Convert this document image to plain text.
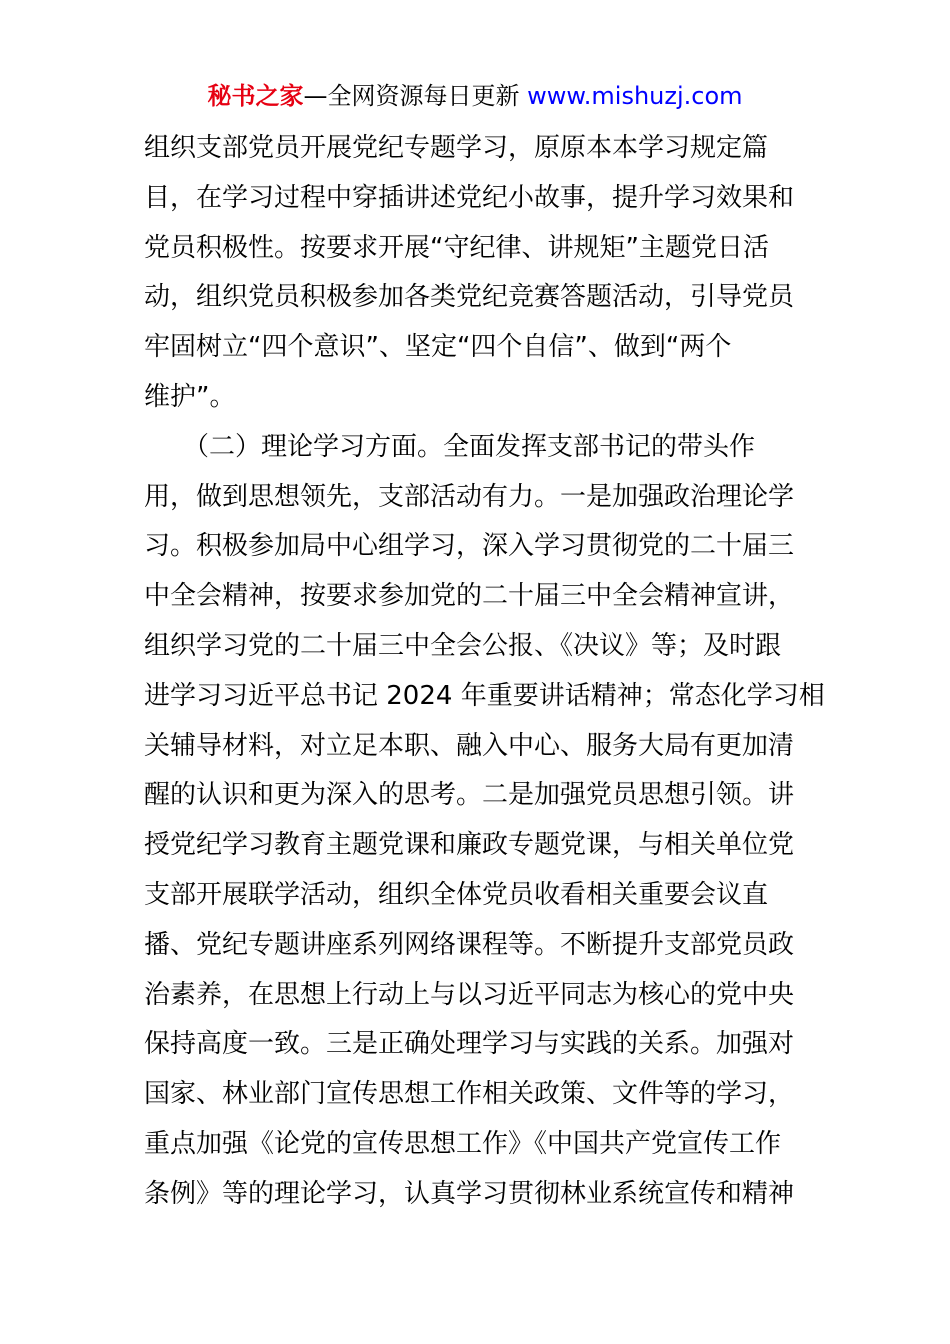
秘书之家—全网资源每日更新 www.mishuzj.com
组织支部党员开展党纪专题学习，原原本本学习规定篇
目，在学习过程中穿插讲述党纪小故事，提升学习效果和
党员积极性。按要求开展“守纪律、讲规矩”主题党日活
动，组织党员积极参加各类党纪竞赛答题活动，引导党员
牢固树立“四个意识”、坚定“四个自信”、做到“两个
维护”。
　　（二）理论学习方面。全面发挥支部书记的带头作
用，做到思想领先，支部活动有力。一是加强政治理论学
习。积极参加局中心组学习，深入学习贯彻党的二十届三
中全会精神，按要求参加党的二十届三中全会精神宣讲，
组织学习党的二十届三中全会公报、《决议》等；及时跟
进学习习近平总书记 2024 年重要讲话精神；常态化学习相
关辅导材料，对立足本职、融入中心、服务大局有更加清
醒的认识和更为深入的思考。二是加强党员思想引领。讲
授党纪学习教育主题党课和廉政专题党课，与相关单位党
支部开展联学活动，组织全体党员收看相关重要会议直
播、党纪专题讲座系列网络课程等。不断提升支部党员政
治素养，在思想上行动上与以习近平同志为核心的党中央
保持高度一致。三是正确处理学习与实践的关系。加强对
国家、林业部门宣传思想工作相关政策、文件等的学习，
重点加强《论党的宣传思想工作》《中国共产党宣传工作
条例》等的理论学习，认真学习贯彻林业系统宣传和精神
